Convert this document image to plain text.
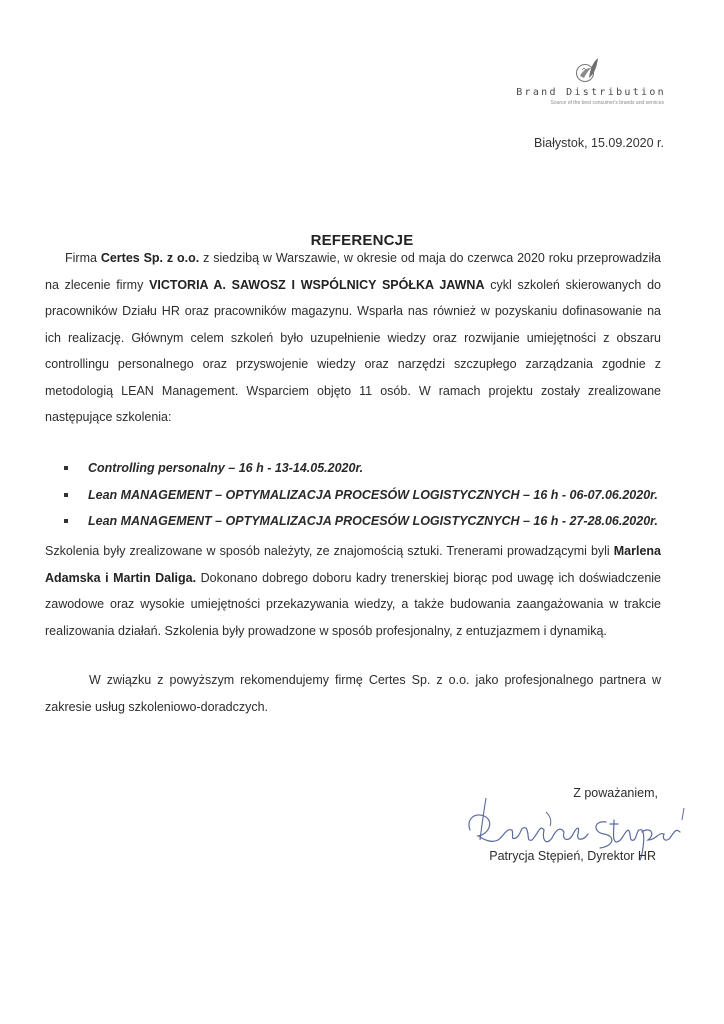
Brand Distribution
Source of the best consumer's brands and services
Białystok, 15.09.2020 r.
REFERENCJE

Firma Certes Sp. z o.o. z siedzibą w Warszawie, w okresie od maja do czerwca 2020 roku przeprowadziła na zlecenie firmy VICTORIA A. SAWOSZ I WSPÓLNICY SPÓŁKA JAWNA cykl szkoleń skierowanych do pracowników Działu HR oraz pracowników magazynu. Wsparła nas również w pozyskaniu dofinasowanie na ich realizację. Głównym celem szkoleń było uzupełnienie wiedzy oraz rozwijanie umiejętności z obszaru controllingu personalnego oraz przyswojenie wiedzy oraz narzędzi szczupłego zarządzania zgodnie z metodologią LEAN Management. Wsparciem objęto 11 osób. W ramach projektu zostały zrealizowane następujące szkolenia:

Controlling personalny – 16 h - 13-14.05.2020r.
Lean MANAGEMENT – OPTYMALIZACJA PROCESÓW LOGISTYCZNYCH – 16 h - 06-07.06.2020r.
Lean MANAGEMENT – OPTYMALIZACJA PROCESÓW LOGISTYCZNYCH – 16 h - 27-28.06.2020r.

Szkolenia były zrealizowane w sposób należyty, ze znajomością sztuki. Trenerami prowadzącymi byli Marlena Adamska i Martin Daliga. Dokonano dobrego doboru kadry trenerskiej biorąc pod uwagę ich doświadczenie zawodowe oraz wysokie umiejętności przekazywania wiedzy, a także budowania zaangażowania w trakcie realizowania działań. Szkolenia były prowadzone w sposób profesjonalny, z entuzjazmem i dynamiką.

W związku z powyższym rekomendujemy firmę Certes Sp. z o.o. jako profesjonalnego partnera w zakresie usług szkoleniowo-doradczych.

Z poważaniem,
Patrycja Stępień, Dyrektor HR
